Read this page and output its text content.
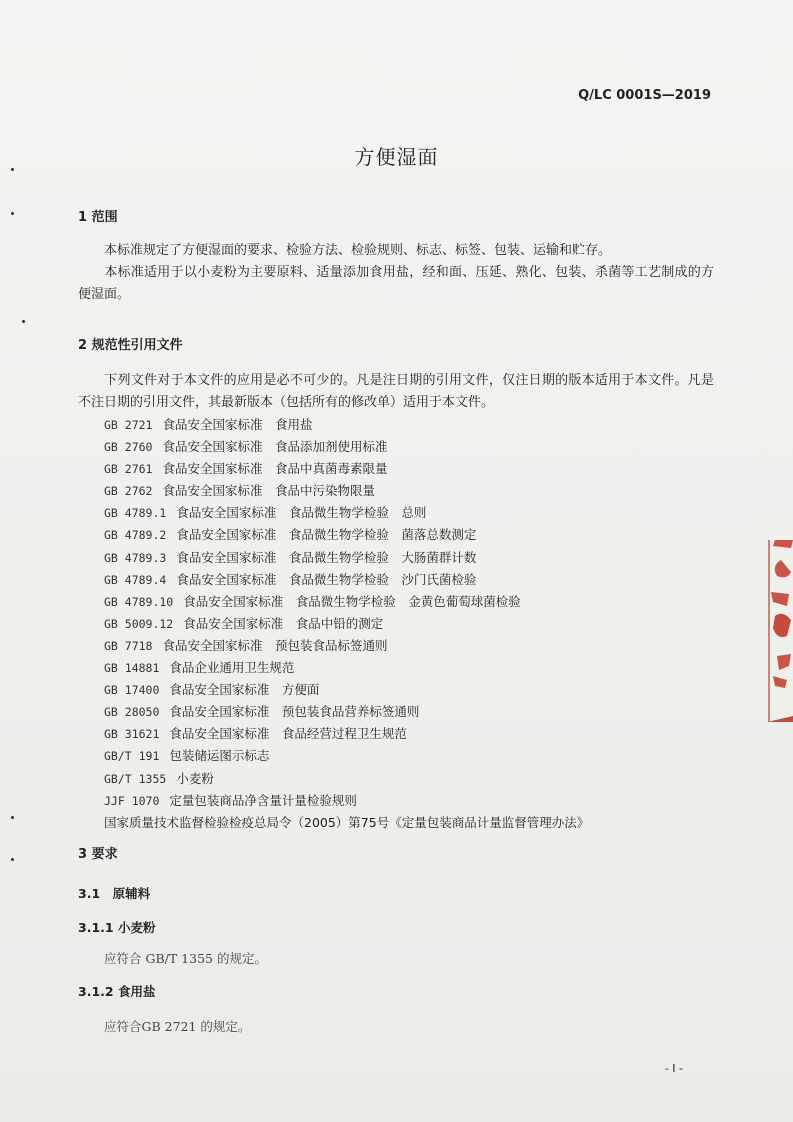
Q/LC 0001S—2019
方便湿面
1 范围
本标准规定了方便湿面的要求、检验方法、检验规则、标志、标签、包装、运输和贮存。
本标准适用于以小麦粉为主要原料、适量添加食用盐，经和面、压延、熟化、包装、杀菌等工艺制成的方便湿面。
2 规范性引用文件
下列文件对于本文件的应用是必不可少的。凡是注日期的引用文件，仅注日期的版本适用于本文件。凡是不注日期的引用文件，其最新版本（包括所有的修改单）适用于本文件。
GB 2721 食品安全国家标准　食用盐
GB 2760 食品安全国家标准　食品添加剂使用标准
GB 2761 食品安全国家标准　食品中真菌毒素限量
GB 2762 食品安全国家标准　食品中污染物限量
GB 4789.1 食品安全国家标准　食品微生物学检验　总则
GB 4789.2 食品安全国家标准　食品微生物学检验　菌落总数测定
GB 4789.3 食品安全国家标准　食品微生物学检验　大肠菌群计数
GB 4789.4 食品安全国家标准　食品微生物学检验　沙门氏菌检验
GB 4789.10 食品安全国家标准　食品微生物学检验　金黄色葡萄球菌检验
GB 5009.12 食品安全国家标准　食品中铅的测定
GB 7718 食品安全国家标准　预包装食品标签通则
GB 14881 食品企业通用卫生规范
GB 17400 食品安全国家标准　方便面
GB 28050 食品安全国家标准　预包装食品营养标签通则
GB 31621 食品安全国家标准　食品经营过程卫生规范
GB/T 191 包装储运图示标志
GB/T 1355 小麦粉
JJF 1070 定量包装商品净含量计量检验规则
国家质量技术监督检验检疫总局令（2005）第75号《定量包装商品计量监督管理办法》
3 要求
3.1　原辅料
3.1.1 小麦粉
应符合 GB/T 1355 的规定。
3.1.2 食用盐
应符合GB 2721 的规定。
- I -
